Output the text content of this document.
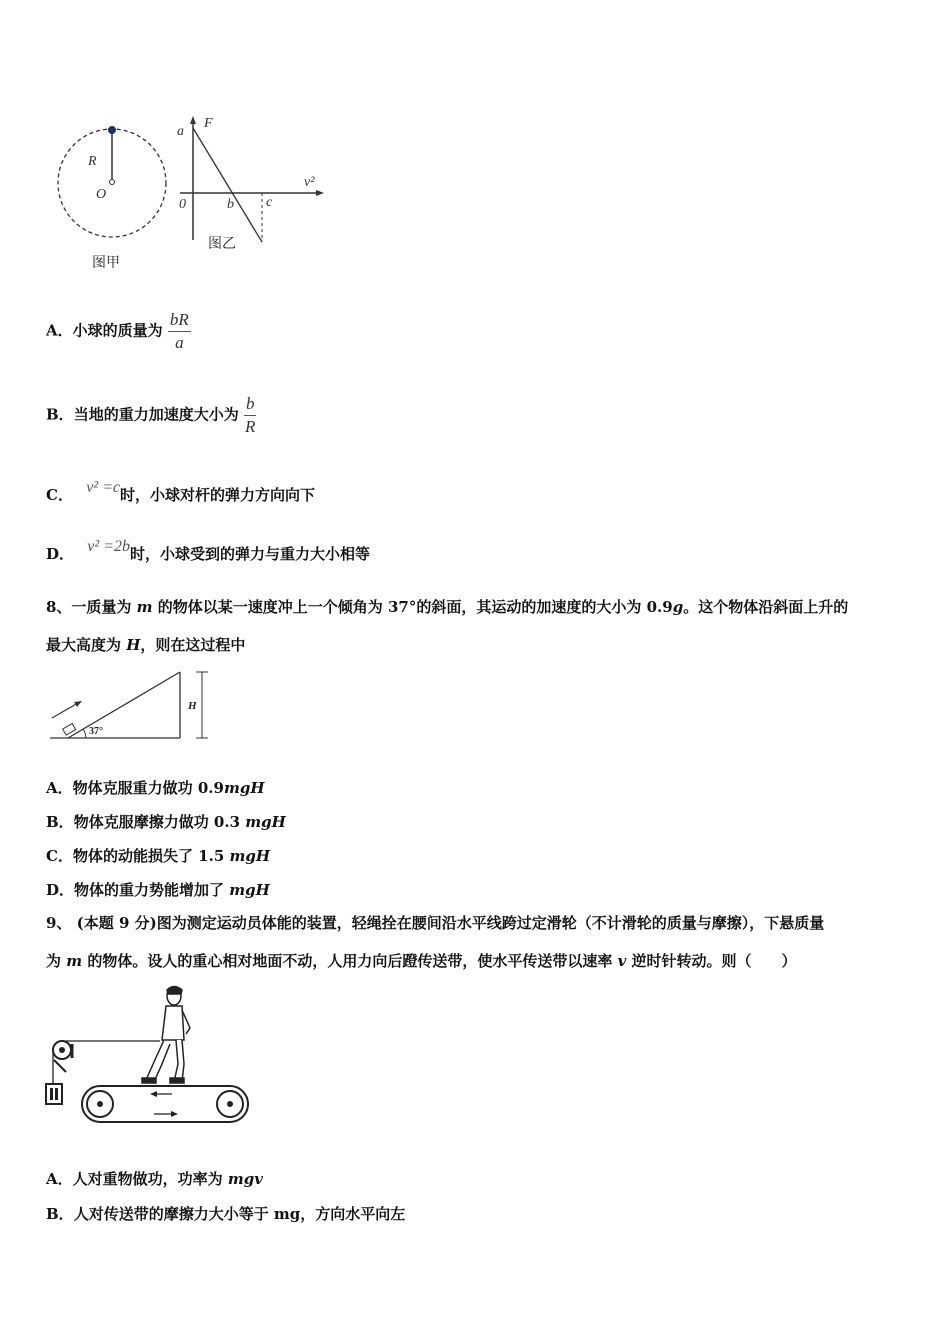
R
O
图甲
a
F
v²
0	b c
图乙
A．小球的质量为 $\frac{bR}{a}$
B．当地的重力加速度大小为 $\frac{b}{R}$
C． v² =c时，小球对杆的弹力方向向下
D． v² =2b时，小球受到的弹力与重力大小相等
8、一质量为 m 的物体以某一速度冲上一个倾角为 37°的斜面，其运动的加速度的大小为 0.9g。这个物体沿斜面上升的
最大高度为 H，则在这过程中
H
37°
A．物体克服重力做功 0.9mgH
B．物体克服摩擦力做功 0.3 mgH
C．物体的动能损失了 1.5 mgH
D．物体的重力势能增加了 mgH
9、 (本题 9 分)图为测定运动员体能的装置，轻绳拴在腰间沿水平线跨过定滑轮（不计滑轮的质量与摩擦），下悬质量
为 m 的物体。设人的重心相对地面不动，人用力向后蹬传送带，使水平传送带以速率 v 逆时针转动。则（　　）
A．人对重物做功，功率为 mgv
B．人对传送带的摩擦力大小等于 mg，方向水平向左
